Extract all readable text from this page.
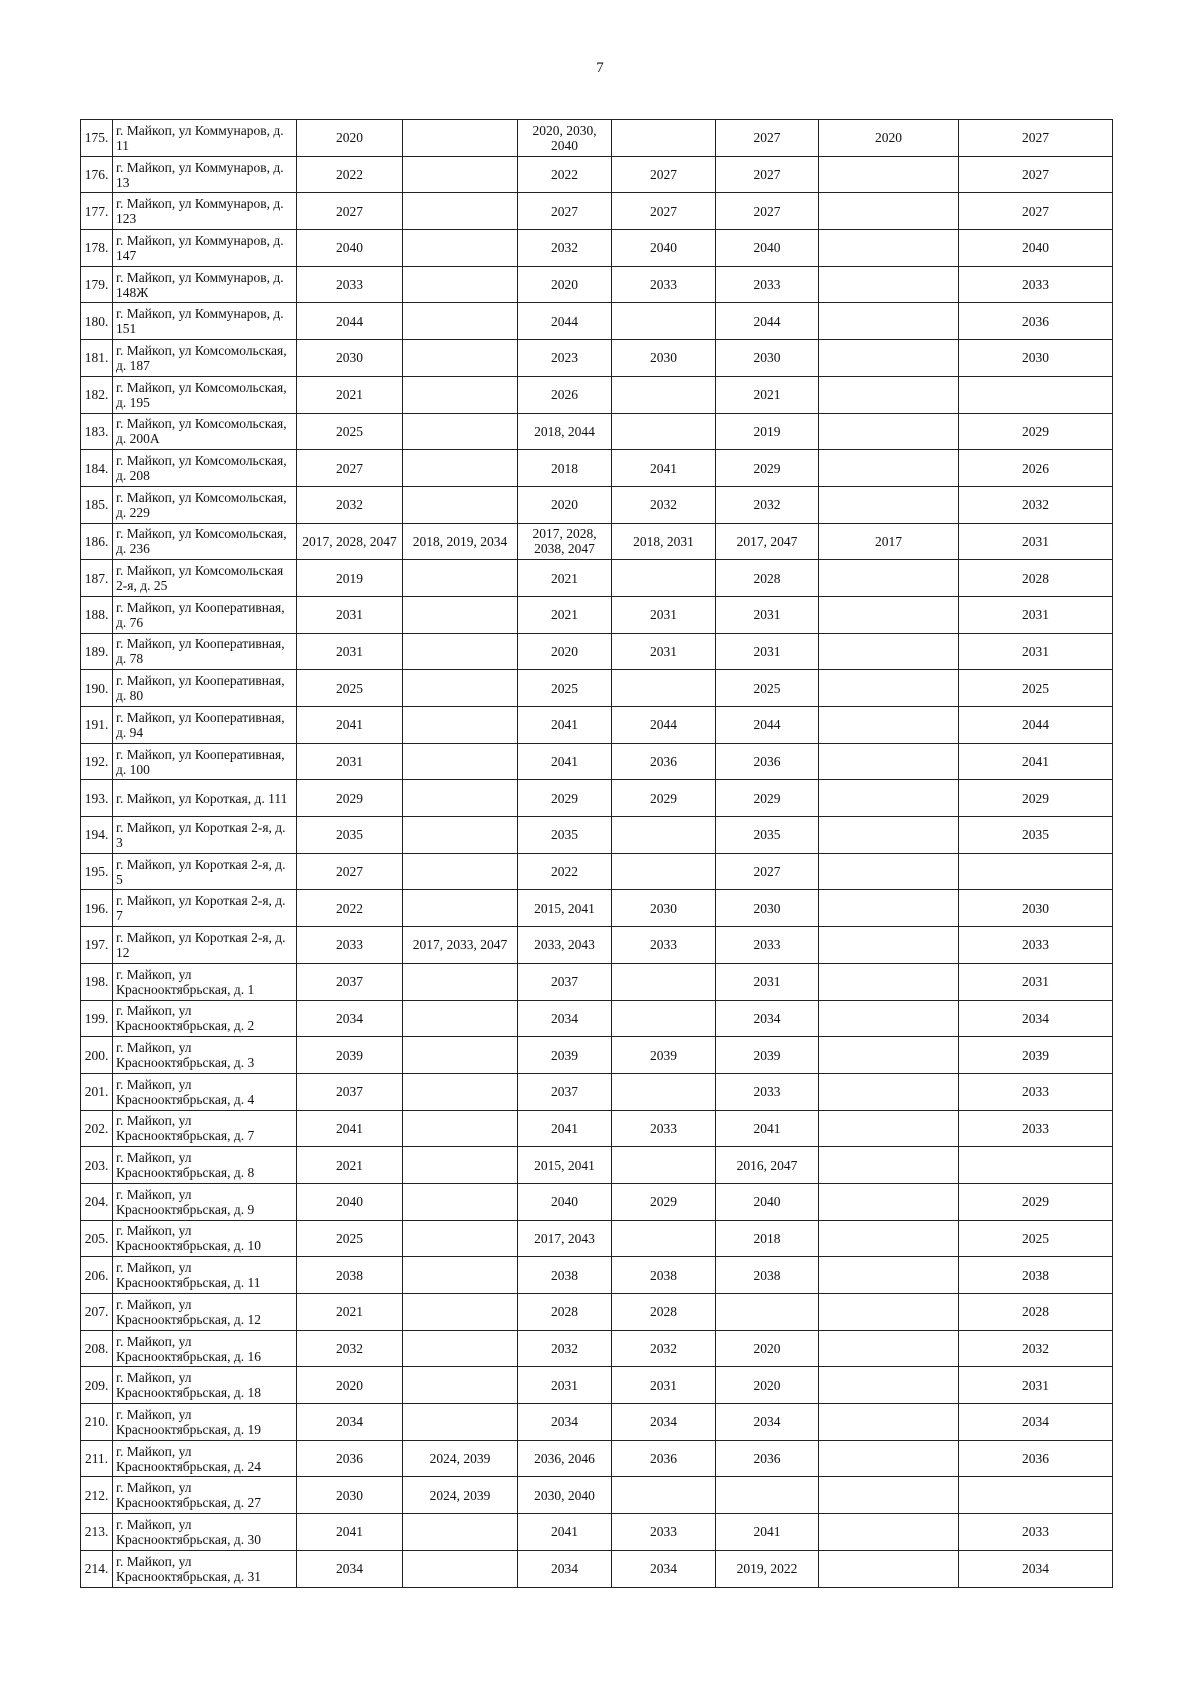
7
175.	г. Майкоп, ул Коммунаров, д. 11	2020		2020, 2030, 2040		2027	2020	2027
176.	г. Майкоп, ул Коммунаров, д. 13	2022		2022	2027	2027		2027
177.	г. Майкоп, ул Коммунаров, д. 123	2027		2027	2027	2027		2027
178.	г. Майкоп, ул Коммунаров, д. 147	2040		2032	2040	2040		2040
179.	г. Майкоп, ул Коммунаров, д. 148Ж	2033		2020	2033	2033		2033
180.	г. Майкоп, ул Коммунаров, д. 151	2044		2044		2044		2036
181.	г. Майкоп, ул Комсомольская, д. 187	2030		2023	2030	2030		2030
182.	г. Майкоп, ул Комсомольская, д. 195	2021		2026		2021		
183.	г. Майкоп, ул Комсомольская, д. 200А	2025		2018, 2044		2019		2029
184.	г. Майкоп, ул Комсомольская, д. 208	2027		2018	2041	2029		2026
185.	г. Майкоп, ул Комсомольская, д. 229	2032		2020	2032	2032		2032
186.	г. Майкоп, ул Комсомольская, д. 236	2017, 2028, 2047	2018, 2019, 2034	2017, 2028, 2038, 2047	2018, 2031	2017, 2047	2017	2031
187.	г. Майкоп, ул Комсомольская 2-я, д. 25	2019		2021		2028		2028
188.	г. Майкоп, ул Кооперативная, д. 76	2031		2021	2031	2031		2031
189.	г. Майкоп, ул Кооперативная, д. 78	2031		2020	2031	2031		2031
190.	г. Майкоп, ул Кооперативная, д. 80	2025		2025		2025		2025
191.	г. Майкоп, ул Кооперативная, д. 94	2041		2041	2044	2044		2044
192.	г. Майкоп, ул Кооперативная, д. 100	2031		2041	2036	2036		2041
193.	г. Майкоп, ул Короткая, д. 111	2029		2029	2029	2029		2029
194.	г. Майкоп, ул Короткая 2-я, д. 3	2035		2035		2035		2035
195.	г. Майкоп, ул Короткая 2-я, д. 5	2027		2022		2027		
196.	г. Майкоп, ул Короткая 2-я, д. 7	2022		2015, 2041	2030	2030		2030
197.	г. Майкоп, ул Короткая 2-я, д. 12	2033	2017, 2033, 2047	2033, 2043	2033	2033		2033
198.	г. Майкоп, ул Краснооктябрьская, д. 1	2037		2037		2031		2031
199.	г. Майкоп, ул Краснооктябрьская, д. 2	2034		2034		2034		2034
200.	г. Майкоп, ул Краснооктябрьская, д. 3	2039		2039	2039	2039		2039
201.	г. Майкоп, ул Краснооктябрьская, д. 4	2037		2037		2033		2033
202.	г. Майкоп, ул Краснооктябрьская, д. 7	2041		2041	2033	2041		2033
203.	г. Майкоп, ул Краснооктябрьская, д. 8	2021		2015, 2041		2016, 2047		
204.	г. Майкоп, ул Краснооктябрьская, д. 9	2040		2040	2029	2040		2029
205.	г. Майкоп, ул Краснооктябрьская, д. 10	2025		2017, 2043		2018		2025
206.	г. Майкоп, ул Краснооктябрьская, д. 11	2038		2038	2038	2038		2038
207.	г. Майкоп, ул Краснооктябрьская, д. 12	2021		2028	2028			2028
208.	г. Майкоп, ул Краснооктябрьская, д. 16	2032		2032	2032	2020		2032
209.	г. Майкоп, ул Краснооктябрьская, д. 18	2020		2031	2031	2020		2031
210.	г. Майкоп, ул Краснооктябрьская, д. 19	2034		2034	2034	2034		2034
211.	г. Майкоп, ул Краснооктябрьская, д. 24	2036	2024, 2039	2036, 2046	2036	2036		2036
212.	г. Майкоп, ул Краснооктябрьская, д. 27	2030	2024, 2039	2030, 2040				
213.	г. Майкоп, ул Краснооктябрьская, д. 30	2041		2041	2033	2041		2033
214.	г. Майкоп, ул Краснооктябрьская, д. 31	2034		2034	2034	2019, 2022		2034
